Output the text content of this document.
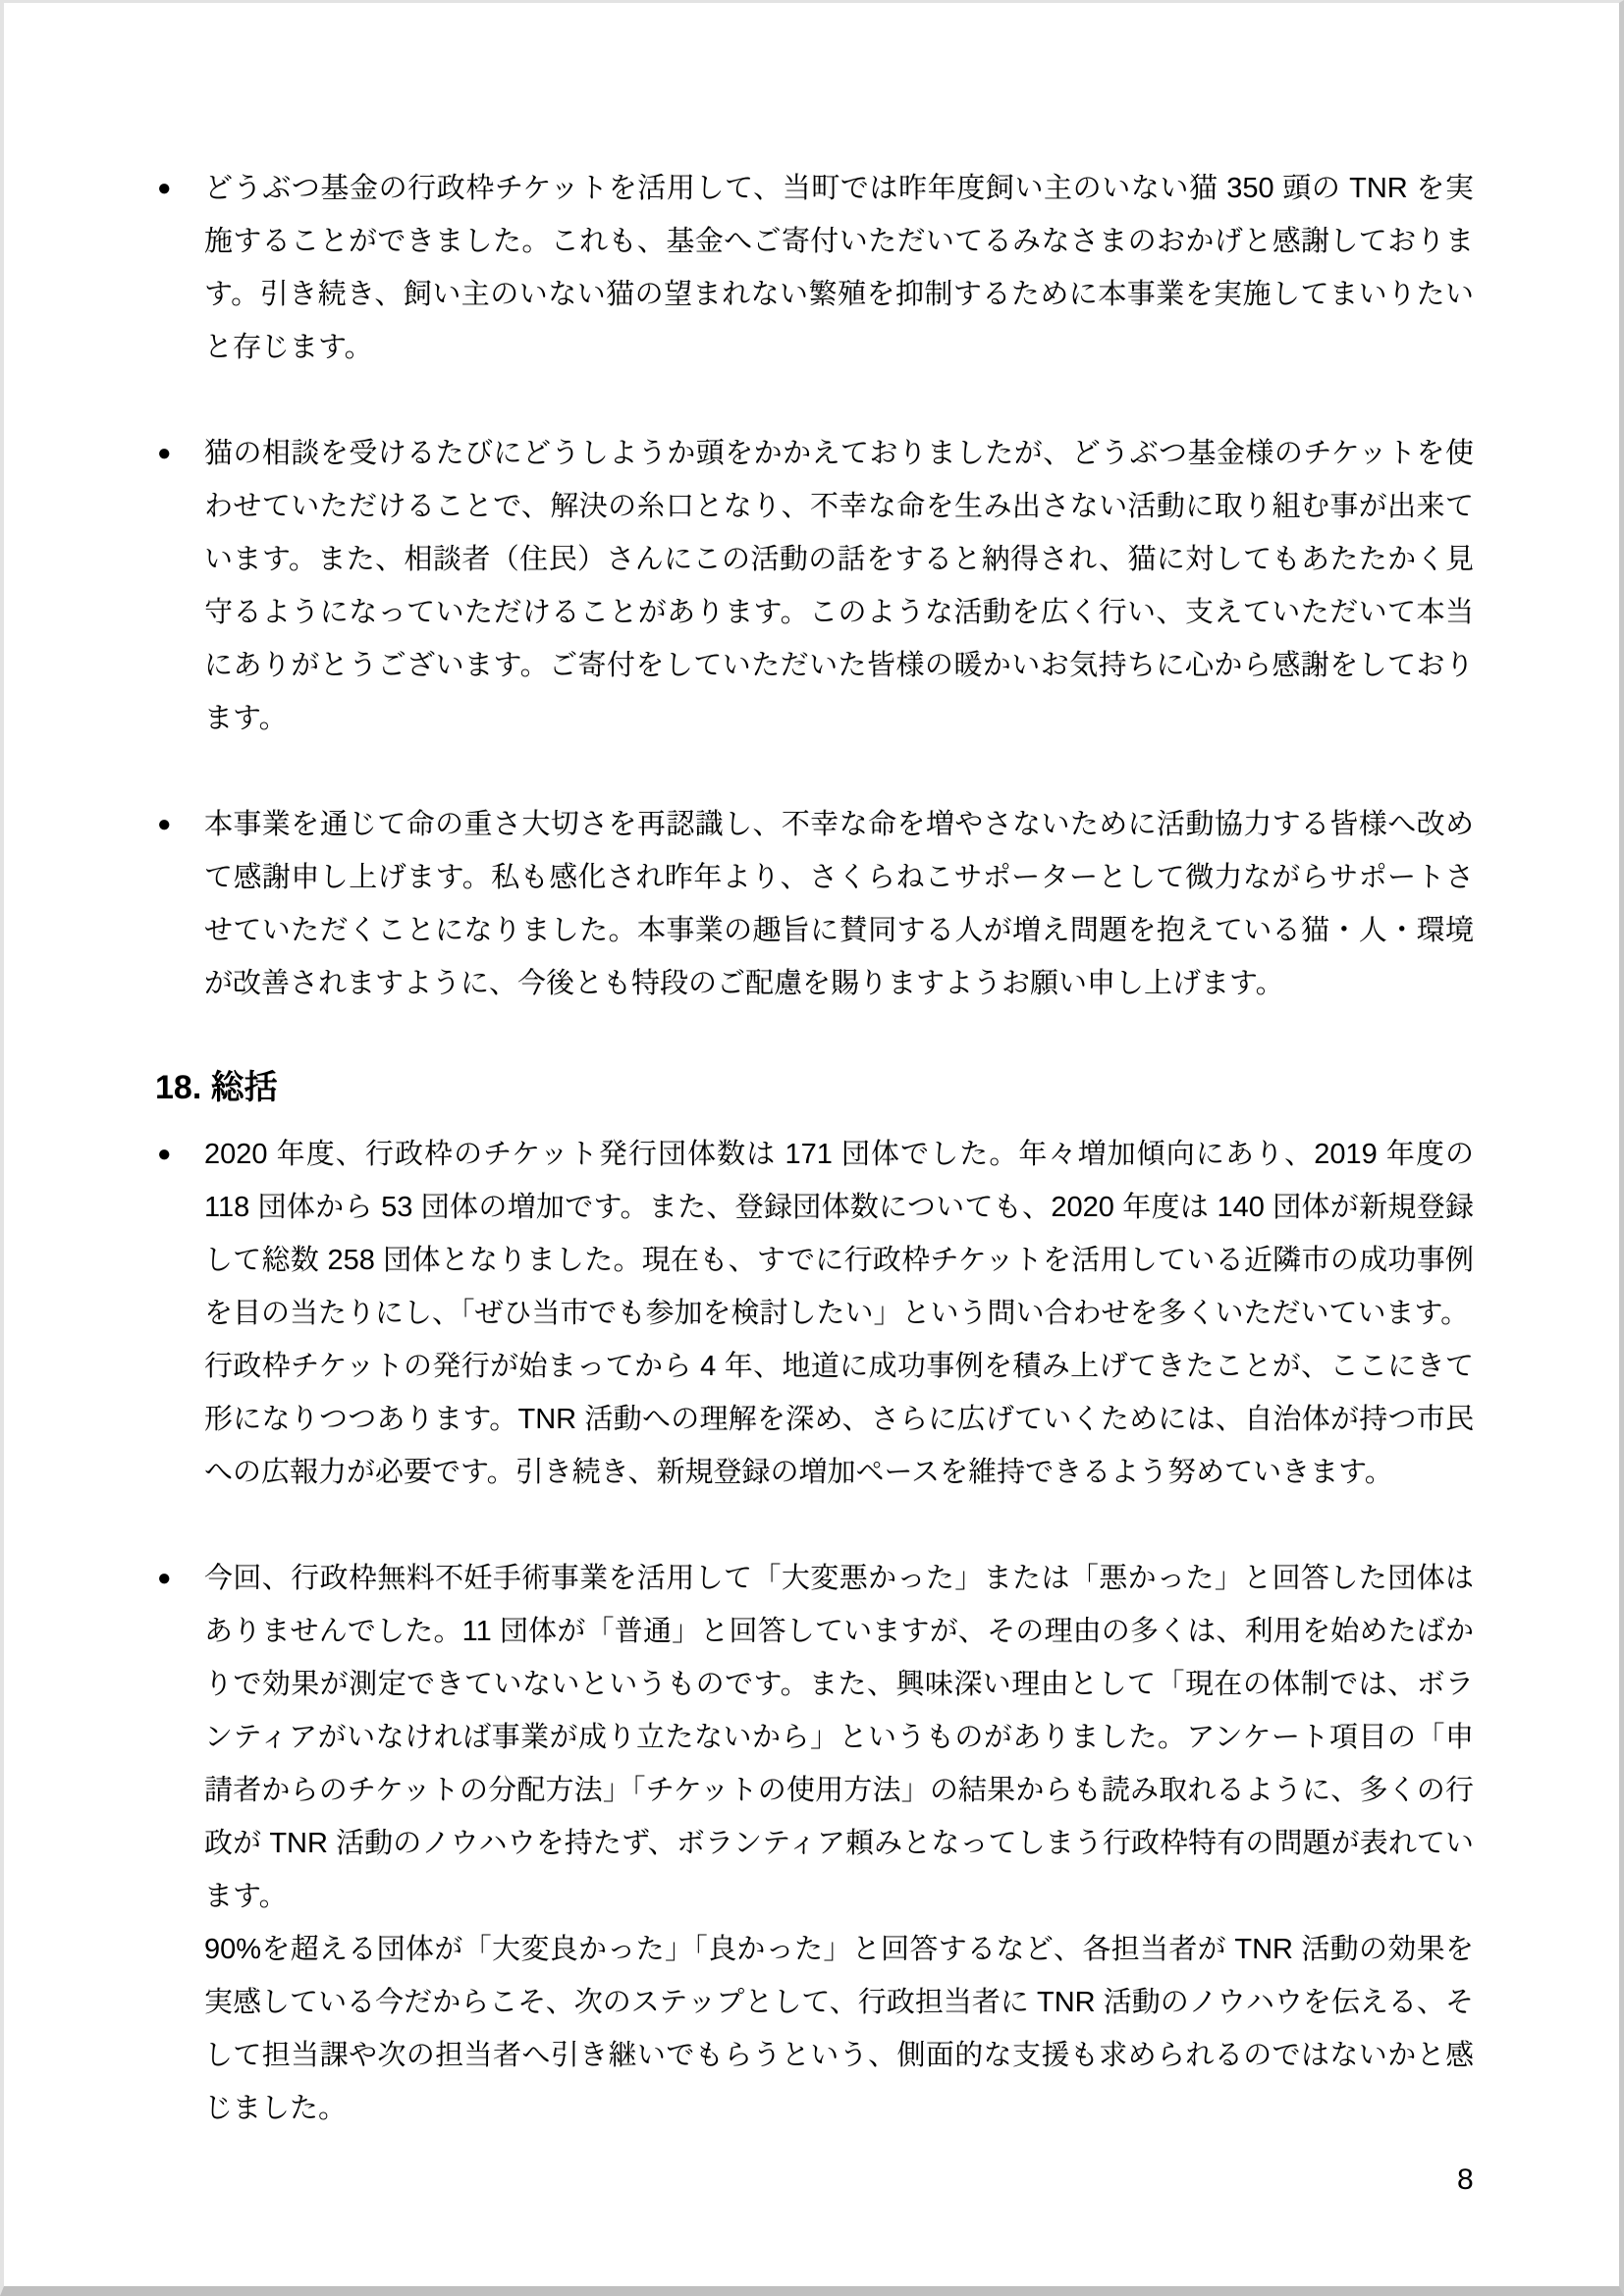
● どうぶつ基金の行政枠チケットを活用して、当町では昨年度飼い主のいない猫 350 頭の TNR を実施することができました。これも、基金へご寄付いただいてるみなさまのおかげと感謝しております。引き続き、飼い主のいない猫の望まれない繁殖を抑制するために本事業を実施してまいりたいと存じます。

● 猫の相談を受けるたびにどうしようか頭をかかえておりましたが、どうぶつ基金様のチケットを使わせていただけることで、解決の糸口となり、不幸な命を生み出さない活動に取り組む事が出来ています。また、相談者（住民）さんにこの活動の話をすると納得され、猫に対してもあたたかく見守るようになっていただけることがあります。このような活動を広く行い、支えていただいて本当にありがとうございます。ご寄付をしていただいた皆様の暖かいお気持ちに心から感謝をしております。

● 本事業を通じて命の重さ大切さを再認識し、不幸な命を増やさないために活動協力する皆様へ改めて感謝申し上げます。私も感化され昨年より、さくらねこサポーターとして微力ながらサポートさせていただくことになりました。本事業の趣旨に賛同する人が増え問題を抱えている猫・人・環境が改善されますように、今後とも特段のご配慮を賜りますようお願い申し上げます。

18. 総括
● 2020 年度、行政枠のチケット発行団体数は 171 団体でした。年々増加傾向にあり、2019 年度の 118 団体から 53 団体の増加です。また、登録団体数についても、2020 年度は 140 団体が新規登録して総数 258 団体となりました。現在も、すでに行政枠チケットを活用している近隣市の成功事例を目の当たりにし、「ぜひ当市でも参加を検討したい」という問い合わせを多くいただいています。

行政枠チケットの発行が始まってから 4 年、地道に成功事例を積み上げてきたことが、ここにきて形になりつつあります。TNR 活動への理解を深め、さらに広げていくためには、自治体が持つ市民への広報力が必要です。引き続き、新規登録の増加ペースを維持できるよう努めていきます。

● 今回、行政枠無料不妊手術事業を活用して「大変悪かった」または「悪かった」と回答した団体はありませんでした。11 団体が「普通」と回答していますが、その理由の多くは、利用を始めたばかりで効果が測定できていないというものです。また、興味深い理由として「現在の体制では、ボランティアがいなければ事業が成り立たないから」というものがありました。アンケート項目の「申請者からのチケットの分配方法」「チケットの使用方法」の結果からも読み取れるように、多くの行政が TNR 活動のノウハウを持たず、ボランティア頼みとなってしまう行政枠特有の問題が表れています。

90%を超える団体が「大変良かった」「良かった」と回答するなど、各担当者が TNR 活動の効果を実感している今だからこそ、次のステップとして、行政担当者に TNR 活動のノウハウを伝える、そして担当課や次の担当者へ引き継いでもらうという、側面的な支援も求められるのではないかと感じました。

8
